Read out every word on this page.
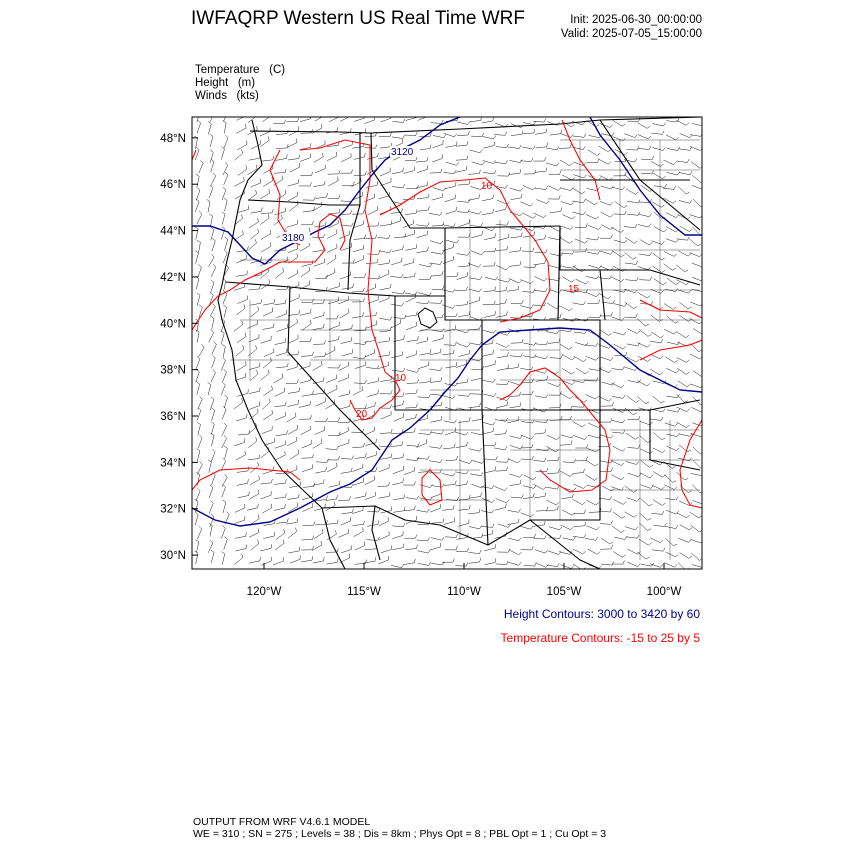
IWFAQRP Western US Real Time WRF	Init: 2025-06-30_00:00:00
Valid: 2025-07-05_15:00:00
Temperature   (C)
Height   (m)
Winds   (kts)
3120
3180
10
10
15
20
48°N
46°N
44°N
42°N
40°N
38°N
36°N
34°N
32°N
30°N
120°W	115°W	110°W	105°W	100°W
Height Contours: 3000 to 3420 by 60
Temperature Contours: -15 to 25 by 5
OUTPUT FROM WRF V4.6.1 MODEL
WE = 310 ; SN = 275 ; Levels = 38 ; Dis = 8km ; Phys Opt = 8 ; PBL Opt = 1 ; Cu Opt = 3
